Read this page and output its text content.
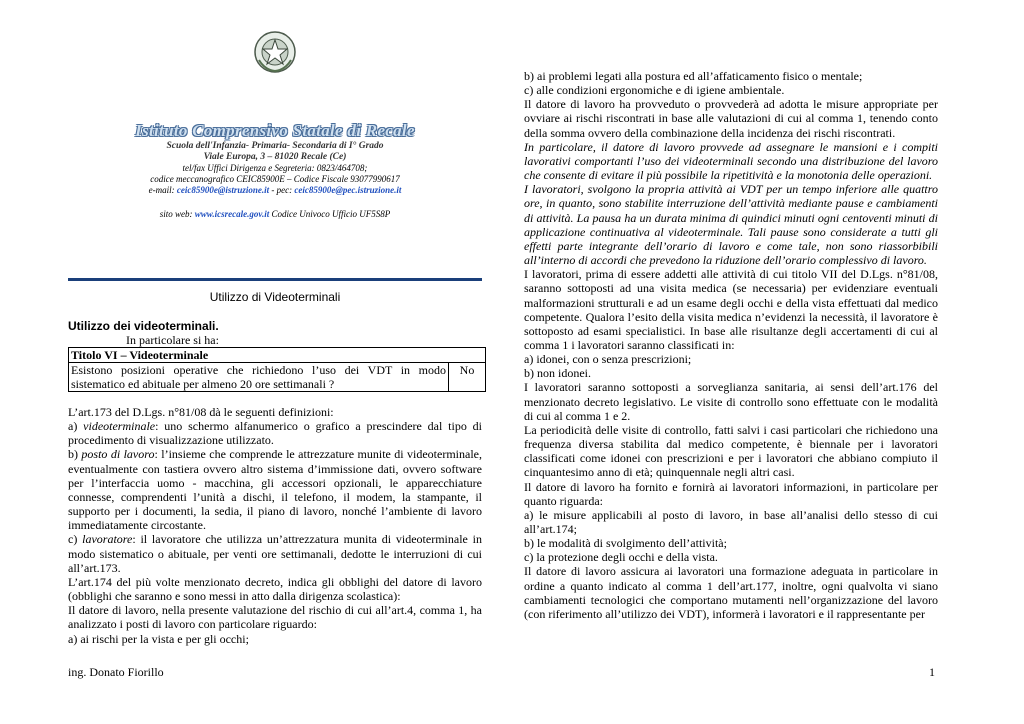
Istituto Comprensivo Statale di Recale
Scuola dell'Infanzia- Primaria- Secondaria di I° Grado
Viale Europa, 3 – 81020 Recale (Ce)
tel/fax Uffici Dirigenza e Segreteria: 0823/464708;
codice meccanografico CEIC85900E – Codice Fiscale 93077990617
e-mail: ceic85900e@istruzione.it - pec: ceic85900e@pec.istruzione.it
sito web: www.icsrecale.gov.it Codice Univoco Ufficio UF5S8P
Utilizzo di Videoterminali
Utilizzo dei videoterminali.
In particolare si ha:
Titolo VI – Videoterminale
Esistono posizioni operative che richiedono l’uso dei VDT in modo sistematico ed abituale per almeno 20 ore settimanali ?	No

L’art.173 del D.Lgs. n°81/08 dà le seguenti definizioni:

a) videoterminale: uno schermo alfanumerico o grafico a prescindere dal tipo di procedimento di visualizzazione utilizzato.

b) posto di lavoro: l’insieme che comprende le attrezzature munite di videoterminale, eventualmente con tastiera ovvero altro sistema d’immissione dati, ovvero software per l’interfaccia uomo - macchina, gli accessori opzionali, le apparecchiature connesse, comprendenti l’unità a dischi, il telefono, il modem, la stampante, il supporto per i documenti, la sedia, il piano di lavoro, nonché l’ambiente di lavoro immediatamente circostante.

c) lavoratore: il lavoratore che utilizza un’attrezzatura munita di videoterminale in modo sistematico o abituale, per venti ore settimanali, dedotte le interruzioni di cui all’art.173.

L’art.174 del più volte menzionato decreto, indica gli obblighi del datore di lavoro (obblighi che saranno e sono messi in atto dalla dirigenza scolastica):

Il datore di lavoro, nella presente valutazione del rischio di cui all’art.4, comma 1, ha analizzato i posti di lavoro con particolare riguardo:

a) ai rischi per la vista e per gli occhi;

b) ai problemi legati alla postura ed all’affaticamento fisico o mentale;

c) alle condizioni ergonomiche e di igiene ambientale.

Il datore di lavoro ha provveduto o provvederà ad adotta le misure appropriate per ovviare ai rischi riscontrati in base alle valutazioni di cui al comma 1, tenendo conto della somma ovvero della combinazione della incidenza dei rischi riscontrati.

In particolare, il datore di lavoro provvede ad assegnare le mansioni e i compiti lavorativi comportanti l’uso dei videoterminali secondo una distribuzione del lavoro che consente di evitare il più possibile la ripetitività e la monotonia delle operazioni.

I lavoratori, svolgono la propria attività ai VDT per un tempo inferiore alle quattro ore, in quanto, sono stabilite interruzione dell’attività mediante pause e cambiamenti di attività. La pausa ha un durata minima di quindici minuti ogni centoventi minuti di applicazione continuativa al videoterminale. Tali pause sono considerate a tutti gli effetti parte integrante dell’orario di lavoro e come tale, non sono riassorbibili all’interno di accordi che prevedono la riduzione dell’orario complessivo di lavoro.

I lavoratori, prima di essere addetti alle attività di cui titolo VII del D.Lgs. n°81/08, saranno sottoposti ad una visita medica (se necessaria) per evidenziare eventuali malformazioni strutturali e ad un esame degli occhi e della vista effettuati dal medico competente. Qualora l’esito della visita medica n’evidenzi la necessità, il lavoratore è sottoposto ad esami specialistici. In base alle risultanze degli accertamenti di cui al comma 1 i lavoratori saranno classificati in:

a) idonei, con o senza prescrizioni;

b) non idonei.

I lavoratori saranno sottoposti a sorveglianza sanitaria, ai sensi dell’art.176 del menzionato decreto legislativo. Le visite di controllo sono effettuate con le modalità di cui al comma 1 e 2.

La periodicità delle visite di controllo, fatti salvi i casi particolari che richiedono una frequenza diversa stabilita dal medico competente, è biennale per i lavoratori classificati come idonei con prescrizioni e per i lavoratori che abbiano compiuto il cinquantesimo anno di età; quinquennale negli altri casi.

Il datore di lavoro ha fornito e fornirà ai lavoratori informazioni, in particolare per quanto riguarda:

a) le misure applicabili al posto di lavoro, in base all’analisi dello stesso di cui all’art.174;

b) le modalità di svolgimento dell’attività;

c) la protezione degli occhi e della vista.

Il datore di lavoro assicura ai lavoratori una formazione adeguata in particolare in ordine a quanto indicato al comma 1 dell’art.177, inoltre, ogni qualvolta vi siano cambiamenti tecnologici che comportano mutamenti nell’organizzazione del lavoro (con riferimento all’utilizzo dei VDT), informerà i lavoratori e il rappresentante per

ing. Donato Fiorillo	1
